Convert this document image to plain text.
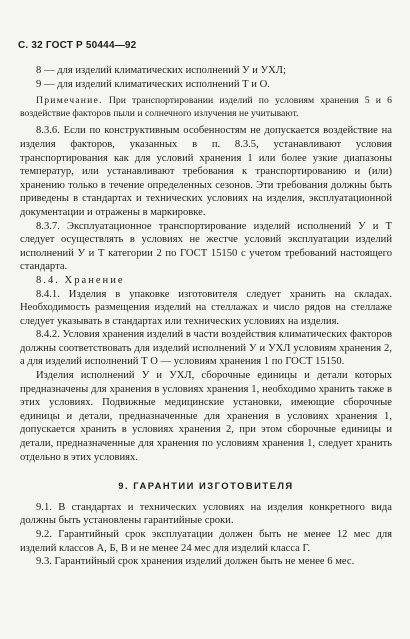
С. 32 ГОСТ Р 50444—92

8 — для изделий климатических исполнений У и УХЛ;

9 — для изделий климатических исполнений Т и О.

Примечание. При транспортировании изделий по условиям хранения 5 и 6 воздействие факторов пыли и солнечного излучения не учитывают.

8.3.6. Если по конструктивным особенностям не допускается воздействие на изделия факторов, указанных в п. 8.3.5, устанавливают условия транспортирования как для условий хранения 1 или более узкие диапазоны температур, или устанавливают требования к транспортированию и (или) хранению только в течение определенных сезонов. Эти требования должны быть приведены в стандартах и технических условиях на изделия, эксплуатационной документации и отражены в маркировке.

8.3.7. Эксплуатационное транспортирование изделий исполнений У и Т следует осуществлять в условиях не жестче условий эксплуатации изделий исполнений У и Т категории 2 по ГОСТ 15150 с учетом требований настоящего стандарта.

8.4. Хранение

8.4.1. Изделия в упаковке изготовителя следует хранить на складах. Необходимость размещения изделий на стеллажах и число рядов на стеллаже следует указывать в стандартах или технических условиях на изделия.

8.4.2. Условия хранения изделий в части воздействия климатических факторов должны соответствовать для изделий исполнений У и УХЛ условиям хранения 2, а для изделий исполнений Т О — условиям хранения 1 по ГОСТ 15150.

Изделия исполнений У и УХЛ, сборочные единицы и детали которых предназначены для хранения в условиях хранения 1, необходимо хранить также в этих условиях. Подвижные медицинские установки, имеющие сборочные единицы и детали, предназначенные для хранения в условиях хранения 1, допускается хранить в условиях хранения 2, при этом сборочные единицы и детали, предназначенные для хранения по условиям хранения 1, следует хранить отдельно в этих условиях.

9. ГАРАНТИИ ИЗГОТОВИТЕЛЯ

9.1. В стандартах и технических условиях на изделия конкретного вида должны быть установлены гарантийные сроки.

9.2. Гарантийный срок эксплуатации должен быть не менее 12 мес для изделий классов А, Б, В и не менее 24 мес для изделий класса Г.

9.3. Гарантийный срок хранения изделий должен быть не менее 6 мес.
